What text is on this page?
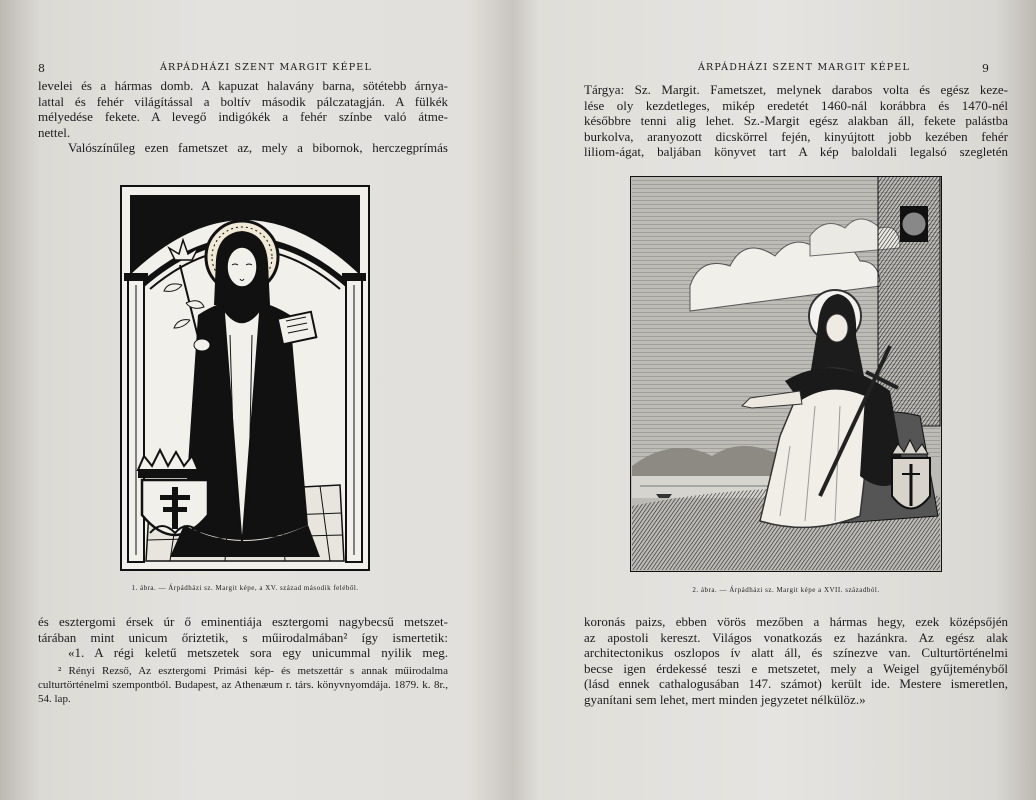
8	ÁRPÁDHÁZI SZENT MARGIT KÉPEL

levelei és a hármas domb. A kapuzat halavány barna, sötétebb árnya-

lattal és fehér világítással a boltív második pálczatagján. A fülkék

mélyedése fekete. A levegő indigókék a fehér színbe való átme-

nettel.

Valószínűleg ezen fametszet az, mely a bibornok, herczegprímás

1. ábra. — Árpádházi sz. Margit képe, a XV. század második feléből.

és esztergomi érsek úr ő eminentiája esztergomi nagybecsű metszet-

tárában mint unicum őriztetik, s műirodalmában² így ismertetik:

«1. A régi keletű metszetek sora egy unicummal nyilik meg.

² Rényi Rezső, Az esztergomi Primási kép- és metszettár s annak műirodalma culturtörténelmi szempontból. Budapest, az Athenæum r. társ. könyvnyomdája. 1879. k. 8r., 54. lap.
ÁRPÁDHÁZI SZENT MARGIT KÉPEL	9

Tárgya: Sz. Margit. Fametszet, melynek darabos volta és egész keze-

lése oly kezdetleges, mikép eredetét 1460-nál korábbra és 1470-nél

későbbre tenni alig lehet. Sz.-Margit egész alakban áll, fekete palástba

burkolva, aranyozott dicskörrel fején, kinyújtott jobb kezében fehér

liliom-ágat, baljában könyvet tart A kép baloldali legalsó szegletén

2. ábra. — Árpádházi sz. Margit képe a XVII. századból.

koronás paizs, ebben vörös mezőben a hármas hegy, ezek középsőjén

az apostoli kereszt. Világos vonatkozás ez hazánkra. Az egész alak

architectonikus oszlopos ív alatt áll, és színezve van. Culturtörténelmi

becse igen érdekessé teszi e metszetet, mely a Weigel gyűjteményből

(lásd ennek cathalogusában 147. számot) került ide. Mestere ismeretlen,

gyanítani sem lehet, mert minden jegyzetet nélkülöz.»
